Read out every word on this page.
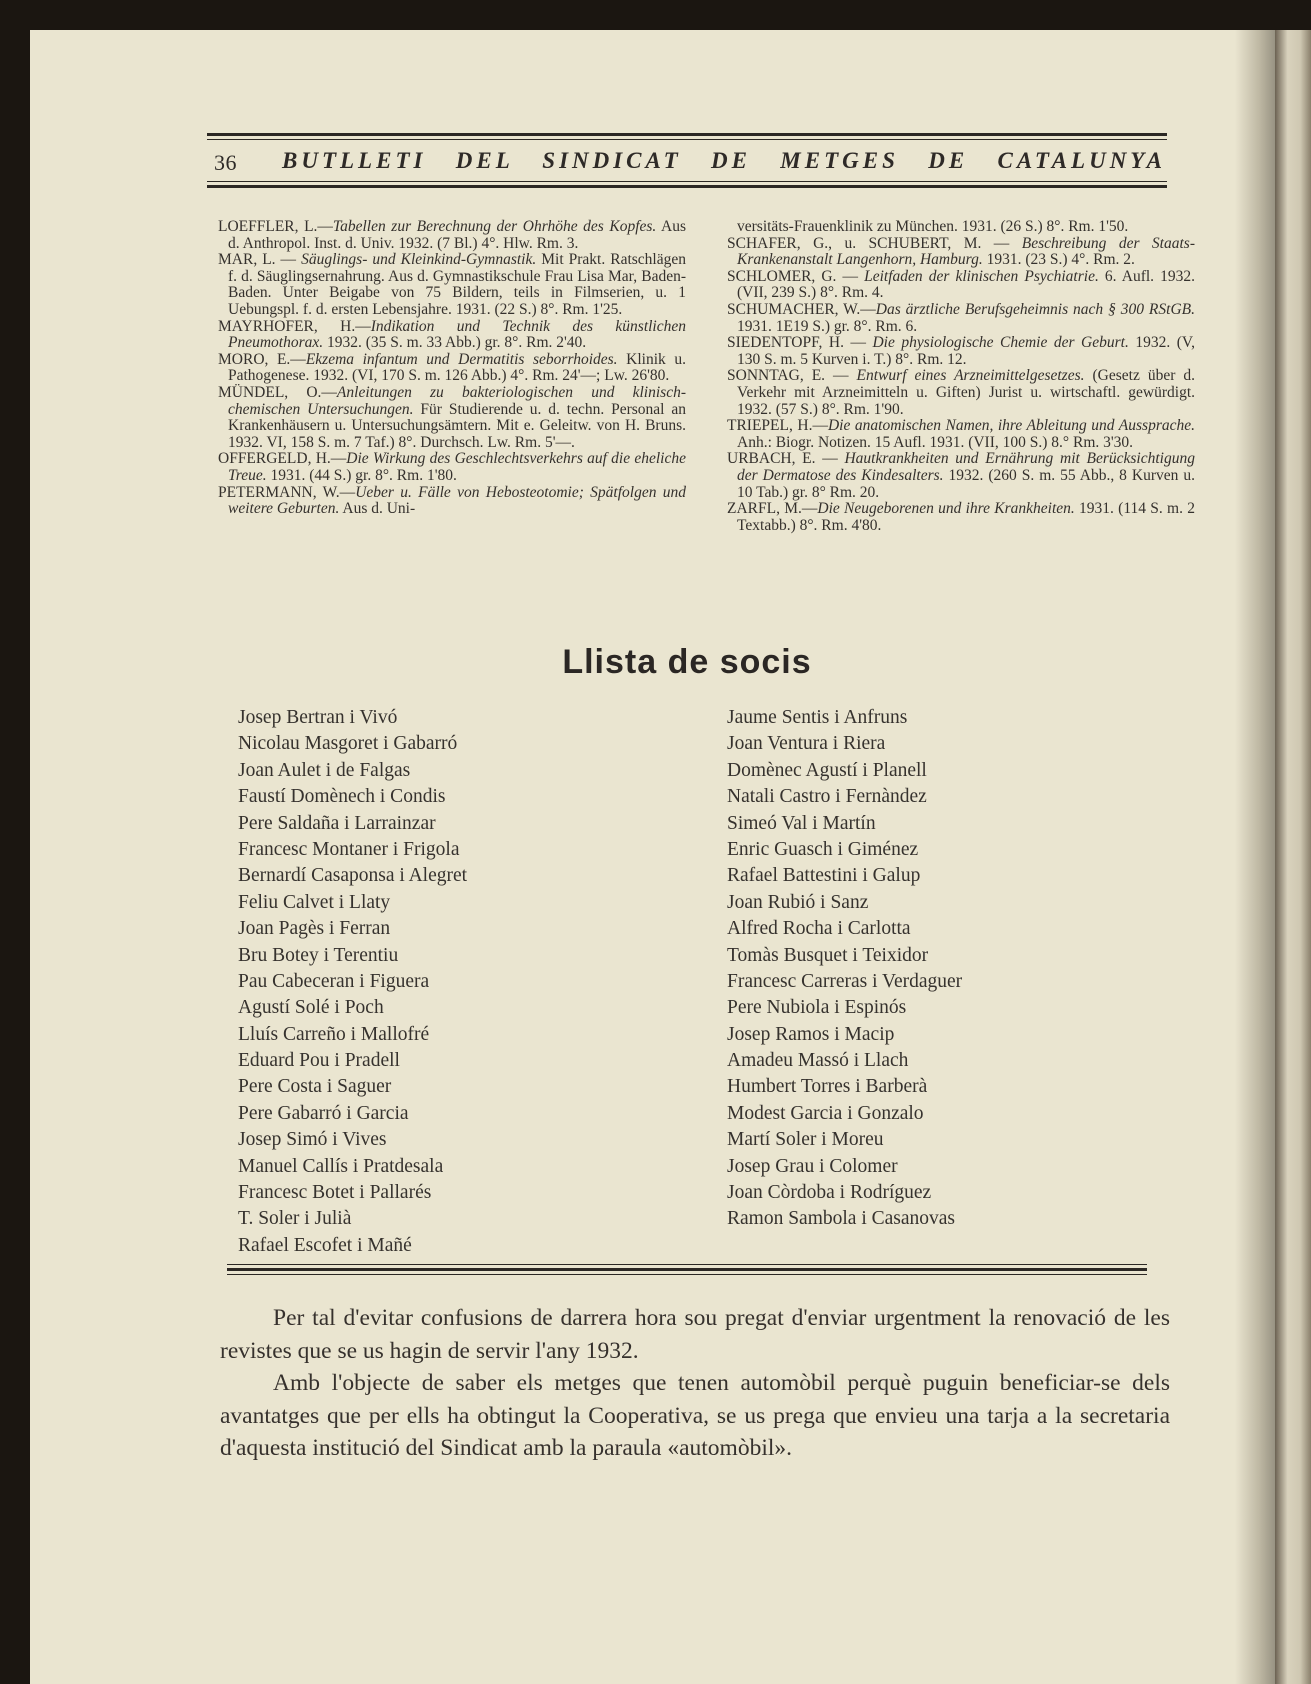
36 BUTLLETI DEL SINDICAT DE METGES DE CATALUNYA

LOEFFLER, L.—Tabellen zur Berechnung der Ohrhöhe des Kopfes. Aus d. Anthropol. Inst. d. Univ. 1932. (7 Bl.) 4°. Hlw. Rm. 3.

MAR, L. — Säuglings- und Kleinkind-Gymnastik. Mit Prakt. Ratschlägen f. d. Säuglingsernahrung. Aus d. Gymnastikschule Frau Lisa Mar, Baden-Baden. Unter Beigabe von 75 Bildern, teils in Filmserien, u. 1 Uebungspl. f. d. ersten Lebensjahre. 1931. (22 S.) 8°. Rm. 1'25.

MAYRHOFER, H.—Indikation und Technik des künstlichen Pneumothorax. 1932. (35 S. m. 33 Abb.) gr. 8°. Rm. 2'40.

MORO, E.—Ekzema infantum und Dermatitis seborrhoides. Klinik u. Pathogenese. 1932. (VI, 170 S. m. 126 Abb.) 4°. Rm. 24'—; Lw. 26'80.

MÜNDEL, O.—Anleitungen zu bakteriologischen und klinisch-chemischen Untersuchungen. Für Studierende u. d. techn. Personal an Krankenhäusern u. Untersuchungsämtern. Mit e. Geleitw. von H. Bruns. 1932. VI, 158 S. m. 7 Taf.) 8°. Durchsch. Lw. Rm. 5'—.

OFFERGELD, H.—Die Wirkung des Geschlechtsverkehrs auf die eheliche Treue. 1931. (44 S.) gr. 8°. Rm. 1'80.

PETERMANN, W.—Ueber u. Fälle von Hebosteotomie; Spätfolgen und weitere Geburten. Aus d. Uni-

versitäts-Frauenklinik zu München. 1931. (26 S.) 8°. Rm. 1'50.

SCHAFER, G., u. SCHUBERT, M. — Beschreibung der Staats- Krankenanstalt Langenhorn, Hamburg. 1931. (23 S.) 4°. Rm. 2.

SCHLOMER, G. — Leitfaden der klinischen Psychiatrie. 6. Aufl. 1932. (VII, 239 S.) 8°. Rm. 4.

SCHUMACHER, W.—Das ärztliche Berufsgeheimnis nach § 300 RStGB. 1931. 1E19 S.) gr. 8°. Rm. 6.

SIEDENTOPF, H. — Die physiologische Chemie der Geburt. 1932. (V, 130 S. m. 5 Kurven i. T.) 8°. Rm. 12.

SONNTAG, E. — Entwurf eines Arzneimittelgesetzes. (Gesetz über d. Verkehr mit Arzneimitteln u. Giften) Jurist u. wirtschaftl. gewürdigt. 1932. (57 S.) 8°. Rm. 1'90.

TRIEPEL, H.—Die anatomischen Namen, ihre Ableitung und Aussprache. Anh.: Biogr. Notizen. 15 Aufl. 1931. (VII, 100 S.) 8.° Rm. 3'30.

URBACH, E. — Hautkrankheiten und Ernährung mit Berücksichtigung der Dermatose des Kindesalters. 1932. (260 S. m. 55 Abb., 8 Kurven u. 10 Tab.) gr. 8° Rm. 20.

ZARFL, M.—Die Neugeborenen und ihre Krankheiten. 1931. (114 S. m. 2 Textabb.) 8°. Rm. 4'80.

Llista de socis
Josep Bertran i Vivó
Nicolau Masgoret i Gabarró
Joan Aulet i de Falgas
Faustí Domènech i Condis
Pere Saldaña i Larrainzar
Francesc Montaner i Frigola
Bernardí Casaponsa i Alegret
Feliu Calvet i Llaty
Joan Pagès i Ferran
Bru Botey i Terentiu
Pau Cabeceran i Figuera
Agustí Solé i Poch
Lluís Carreño i Mallofré
Eduard Pou i Pradell
Pere Costa i Saguer
Pere Gabarró i Garcia
Josep Simó i Vives
Manuel Callís i Pratdesala
Francesc Botet i Pallarés
T. Soler i Julià
Rafael Escofet i Mañé
Jaume Sentis i Anfruns
Joan Ventura i Riera
Domènec Agustí i Planell
Natali Castro i Fernàndez
Simeó Val i Martín
Enric Guasch i Giménez
Rafael Battestini i Galup
Joan Rubió i Sanz
Alfred Rocha i Carlotta
Tomàs Busquet i Teixidor
Francesc Carreras i Verdaguer
Pere Nubiola i Espinós
Josep Ramos i Macip
Amadeu Massó i Llach
Humbert Torres i Barberà
Modest Garcia i Gonzalo
Martí Soler i Moreu
Josep Grau i Colomer
Joan Còrdoba i Rodríguez
Ramon Sambola i Casanovas

Per tal d'evitar confusions de darrera hora sou pregat d'enviar urgentment la renovació de les revistes que se us hagin de servir l'any 1932.

Amb l'objecte de saber els metges que tenen automòbil perquè puguin beneficiar-se dels avantatges que per ells ha obtingut la Cooperativa, se us prega que envieu una tarja a la secretaria d'aquesta institució del Sindicat amb la paraula «automòbil».
